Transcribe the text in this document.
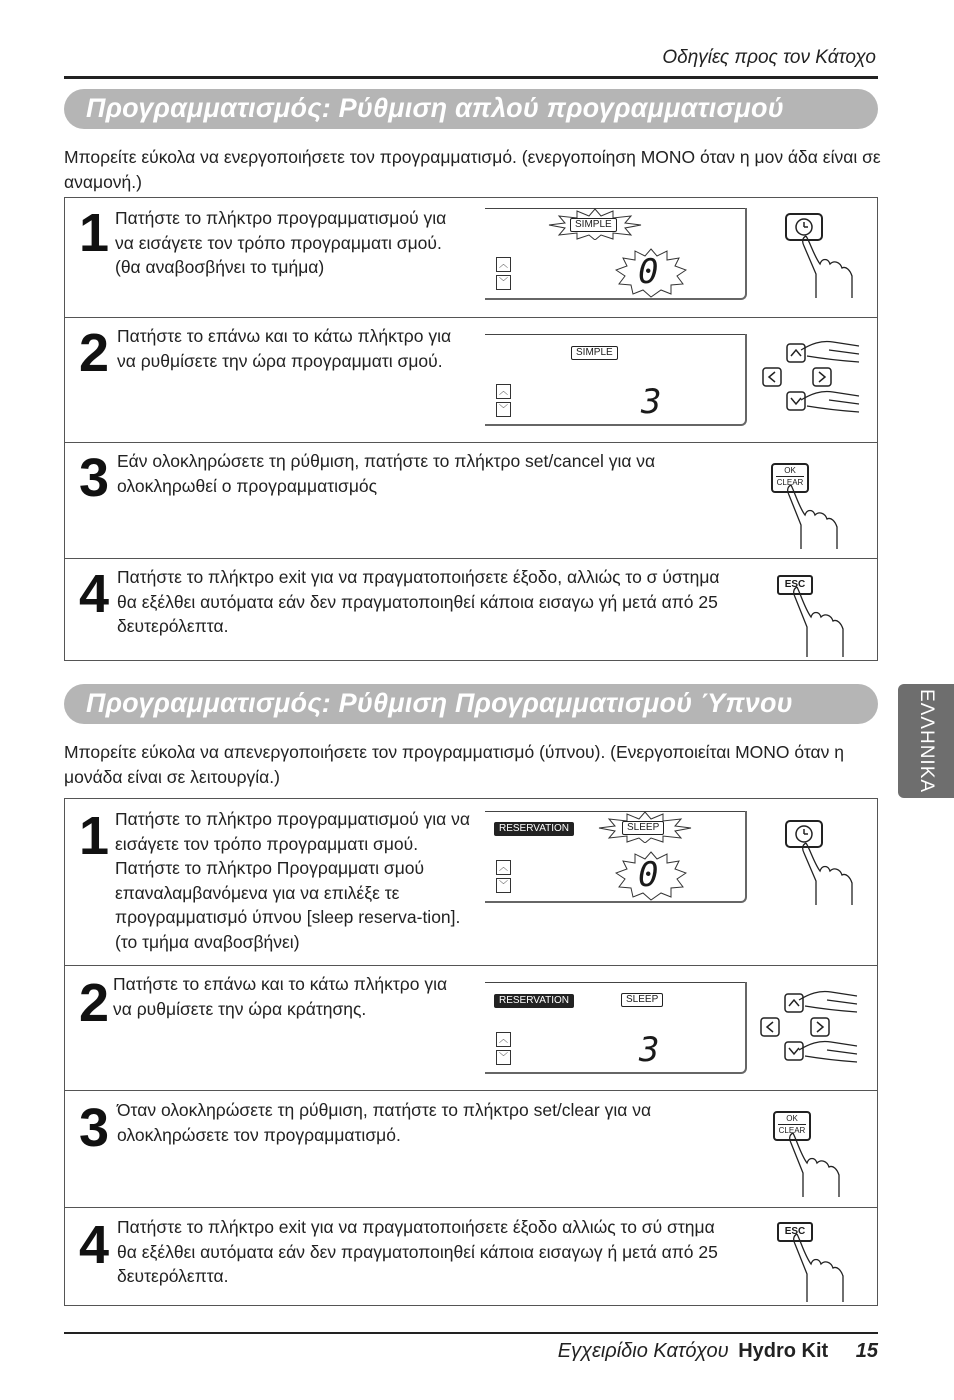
Οδηγίες προς τον Κάτοχο
Προγραμματισμός: Ρύθμιση απλού προγραμματισμού
Μπορείτε εύκολα να ενεργοποιήσετε τον προγραμματισμό. (ενεργοποίηση ΜΟΝΟ όταν η μον άδα είναι σε αναμονή.)
1 Πατήστε το πλήκτρο προγραμματισμού για να εισάγετε τον τρόπο προγραμματι σμού. (θα αναβοσβήνει το τμήμα)
SIMPLE
︿
﹀	0
2 Πατήστε το επάνω και το κάτω πλήκτρο για να ρυθμίσετε την ώρα προγραμματι σμού.	SIMPLE
︿
﹀	3
3 Εάν ολοκληρώσετε τη ρύθμιση, πατήστε το πλήκτρο set/cancel για να ολοκληρωθεί ο προγραμματισμός
OK
CLEAR
4 Πατήστε το πλήκτρο exit για να πραγματοποιήσετε έξοδο, αλλιώς το σ ύστημα θα εξέλθει αυτόματα εάν δεν πραγματοποιηθεί κάποια εισαγω γή μετά από 25 δευτερόλεπτα.
ESC
ΕΛΛΗΝΙΚΑ
Προγραμματισμός: Ρύθμιση Προγραμματισμού Ύπνου
Μπορείτε εύκολα να απενεργοποιήσετε τον προγραμματισμό (ύπνου). (Ενεργοποιείται ΜΟΝΟ όταν η μονάδα είναι σε λειτουργία.)
1 Πατήστε το πλήκτρο προγραμματισμού για να εισάγετε τον τρόπο προγραμματι σμού. Πατήστε το πλήκτρο Προγραμματι σμού επαναλαμβανόμενα για να επιλέξε τε προγραμματισμό ύπνου [sleep reserva-tion]. (το τμήμα αναβοσβήνει)
RESERVATION	SLEEP
︿
﹀	0
2 Πατήστε το επάνω και το κάτω πλήκτρο για να ρυθμίσετε την ώρα κράτησης.	RESERVATION	SLEEP
︿
﹀	3
3 Όταν ολοκληρώσετε τη ρύθμιση, πατήστε το πλήκτρο set/clear για να ολοκληρώσετε τον προγραμματισμό.
OK
CLEAR
4 Πατήστε το πλήκτρο exit για να πραγματοποιήσετε έξοδο αλλιώς το σύ στημα θα εξέλθει αυτόματα εάν δεν πραγματοποιηθεί κάποια εισαγωγ ή μετά από 25 δευτερόλεπτα.
ESC
Εγχειρίδιο Κατόχου Hydro Kit 15
